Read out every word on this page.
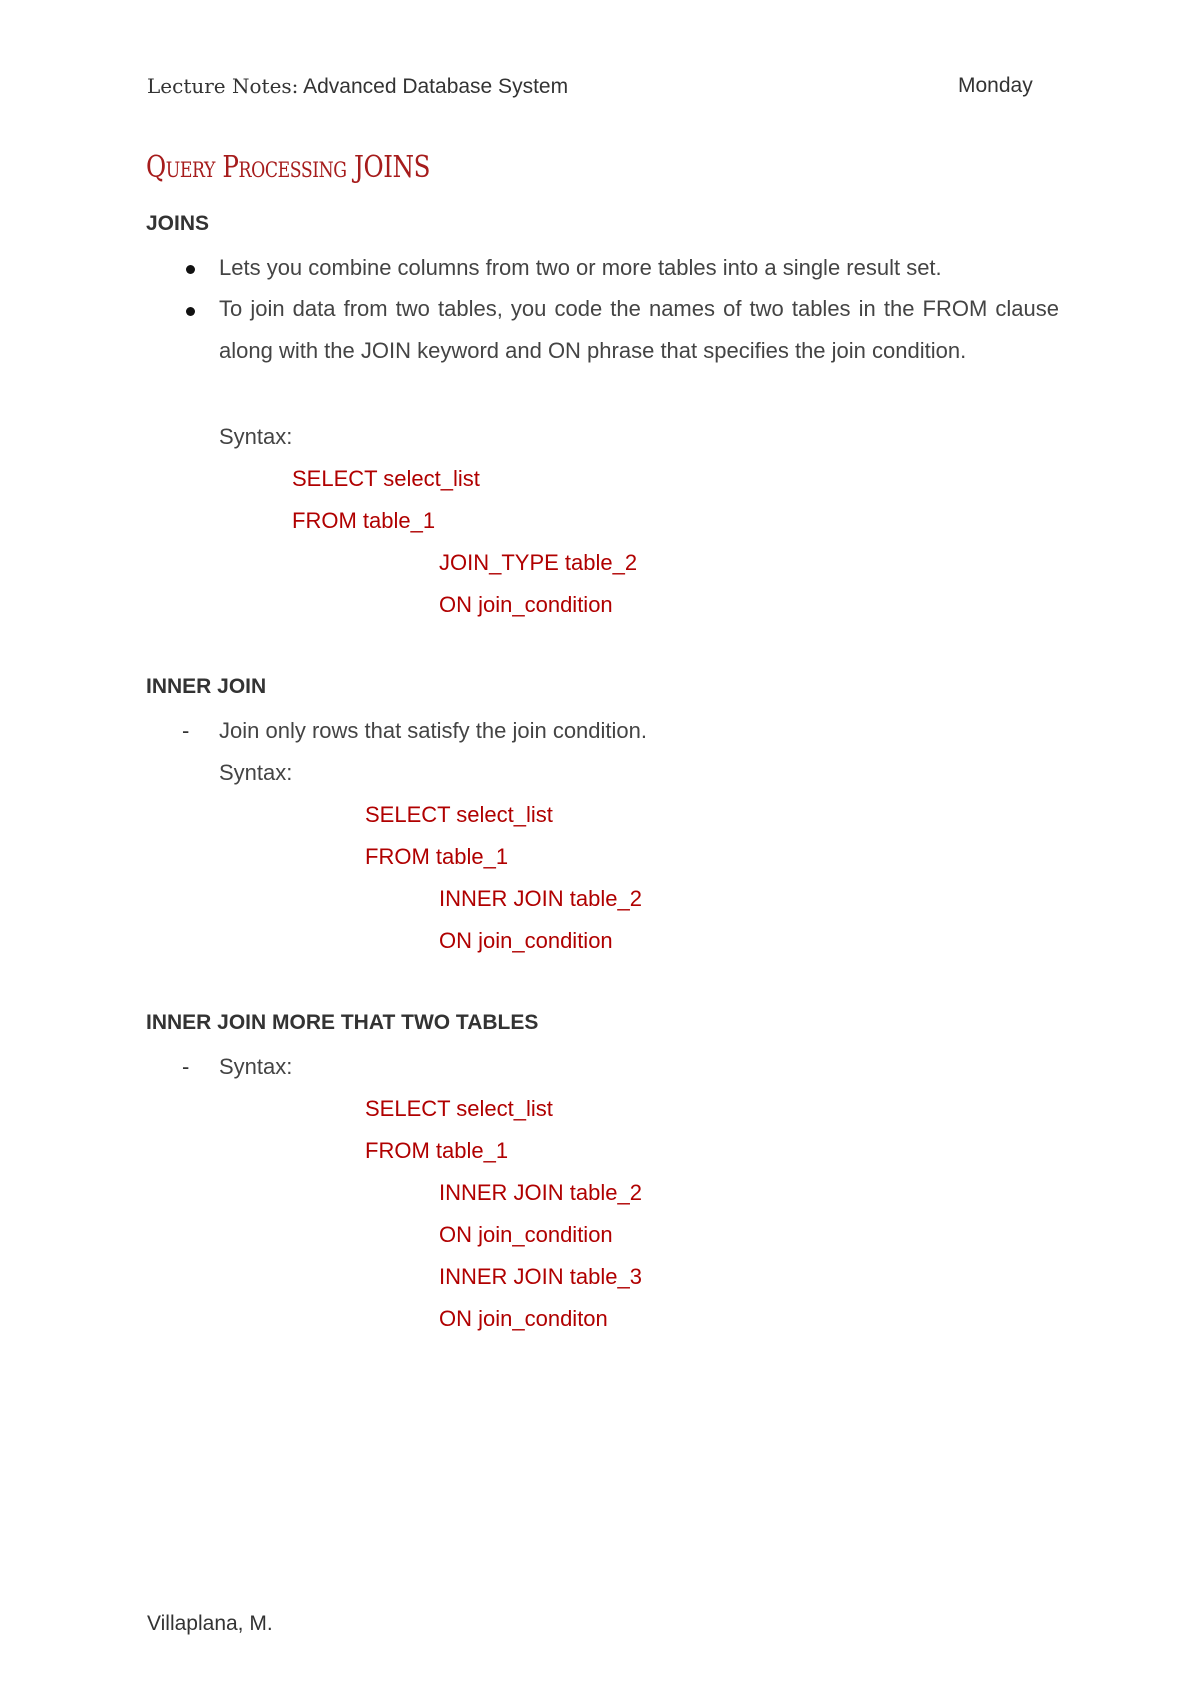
Lecture Notes: Advanced Database System	Monday
Query Processing JOINS
JOINS
Lets you combine columns from two or more tables into a single result set.
To join data from two tables, you code the names of two tables in the FROM clause along with the JOIN keyword and ON phrase that specifies the join condition.
Syntax:
SELECT select_list
FROM table_1
JOIN_TYPE table_2
ON join_condition
INNER JOIN
- Join only rows that satisfy the join condition.
Syntax:
SELECT select_list
FROM table_1
INNER JOIN table_2
ON join_condition
INNER JOIN MORE THAT TWO TABLES
- Syntax:
SELECT select_list
FROM table_1
INNER JOIN table_2
ON join_condition
INNER JOIN table_3
ON join_conditon
Villaplana, M.
